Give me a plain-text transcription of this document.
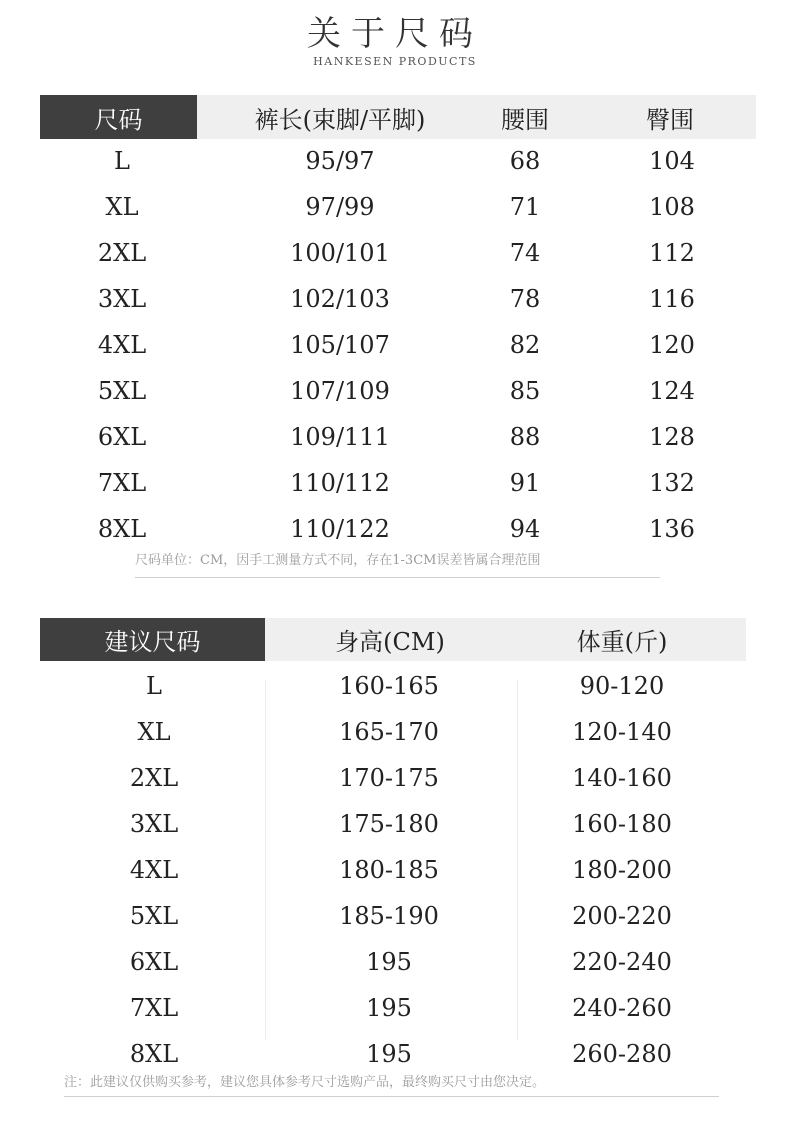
关于尺码
HANKESEN PRODUCTS
尺码	裤长(束脚/平脚)	腰围	臀围
L	95/97	68	104
XL	97/99	71	108
2XL	100/101	74	112
3XL	102/103	78	116
4XL	105/107	82	120
5XL	107/109	85	124
6XL	109/111	88	128
7XL	110/112	91	132
8XL	110/122	94	136
尺码单位：CM，因手工测量方式不同，存在1-3CM误差皆属合理范围
建议尺码	身高(CM)	体重(斤)
L	160-165	90-120
XL	165-170	120-140
2XL	170-175	140-160
3XL	175-180	160-180
4XL	180-185	180-200
5XL	185-190	200-220
6XL	195	220-240
7XL	195	240-260
8XL	195	260-280
注：此建议仅供购买参考，建议您具体参考尺寸选购产品，最终购买尺寸由您决定。
